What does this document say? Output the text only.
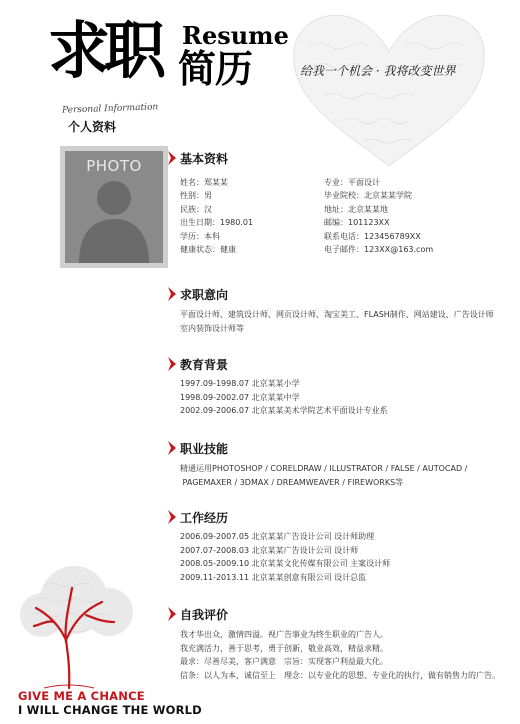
求职 Resume
简历
Personal Information
个人资料
给我一个机会 · 我将改变世界
PHOTO	基本资料
姓名：郑某某	专业：平面设计
性别：男	毕业院校：北京某某学院
民族：汉	地址：北京某某地
出生日期：1980.01	邮编：101123XX
学历：本科	联系电话：123456789XX
健康状态：健康	电子邮件：123XX@163.com
求职意向
平面设计师、建筑设计师、网页设计师、淘宝美工、FLASH制作、网站建设、广告设计师
室内装饰设计师等
教育背景
1997.09-1998.07 北京某某小学
1998.09-2002.07 北京某某中学
2002.09-2006.07 北京某某美术学院艺术平面设计专业系
职业技能
精通运用PHOTOSHOP / CORELDRAW / ILLUSTRATOR / FALSE / AUTOCAD /
PAGEMAXER / 3DMAX / DREAMWEAVER / FIREWORKS等
工作经历
2006.09-2007.05 北京某某广告设计公司 设计师助理
2007.07-2008.03 北京某某广告设计公司 设计师
2008.05-2009.10 北京某某文化传媒有限公司 主案设计师
2009.11-2013.11 北京某某创意有限公司 设计总监
自我评价
我才华出众，激情四溢。视广告事业为终生职业的广告人。
我充满活力，善于思考，勇于创新，敬业高效，精益求精。
最求：尽善尽美，客户满意　宗旨：实现客户利益最大化。
信条：以人为本，诚信至上　理念：以专业化的思想、专业化的执行，做有销售力的广告。
GIVE ME A CHANCE
I WILL CHANGE THE WORLD
